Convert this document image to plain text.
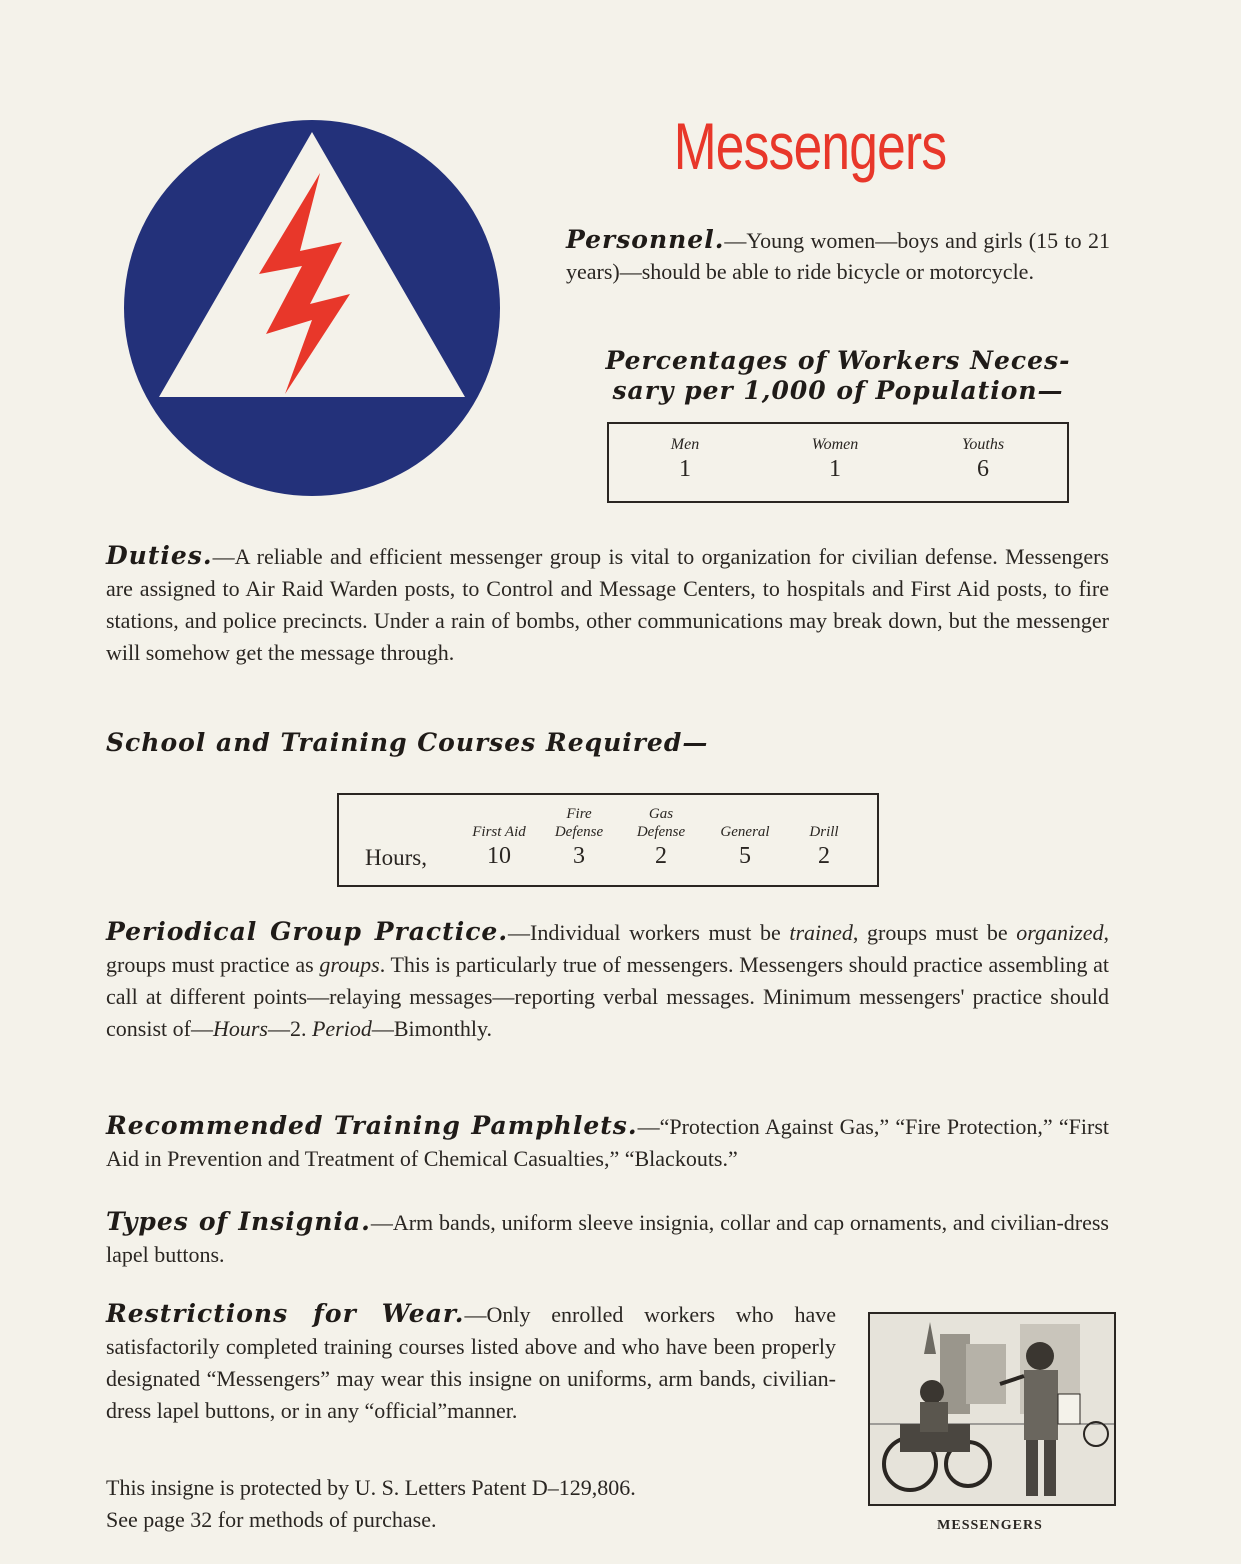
Messengers
Personnel.—Young women—boys and girls (15 to 21 years)—should be able to ride bicycle or motorcycle.
Percentages of Workers Neces-
sary per 1,000 of Population—
Men
1
Women
1
Youths
6
Duties.—A reliable and efficient messenger group is vital to organization for civilian defense. Messengers are assigned to Air Raid Warden posts, to Control and Message Centers, to hospitals and First Aid posts, to fire stations, and police precincts. Under a rain of bombs, other communications may break down, but the messenger will somehow get the message through.
School and Training Courses Required—
Hours,

First Aid
10
Fire
Defense
3
Gas
Defense
2

General
5

Drill
2
Periodical Group Practice.—Individual workers must be trained, groups must be organized, groups must practice as groups. This is particularly true of messengers. Messengers should practice assembling at call at different points—relaying messages—reporting verbal messages. Minimum messengers' practice should consist of—Hours—2. Period—Bimonthly.
Recommended Training Pamphlets.—“Protection Against Gas,” “Fire Protection,” “First Aid in Prevention and Treatment of Chemical Casualties,” “Blackouts.”
Types of Insignia.—Arm bands, uniform sleeve insignia, collar and cap ornaments, and civilian-dress lapel buttons.
Restrictions for Wear.—Only enrolled workers who have satisfactorily completed training courses listed above and who have been properly designated “Messengers” may wear this insigne on uniforms, arm bands, civilian-dress lapel buttons, or in any “official”manner.
This insigne is protected by U. S. Letters Patent D–129,806.
See page 32 for methods of purchase.	MESSENGERS
